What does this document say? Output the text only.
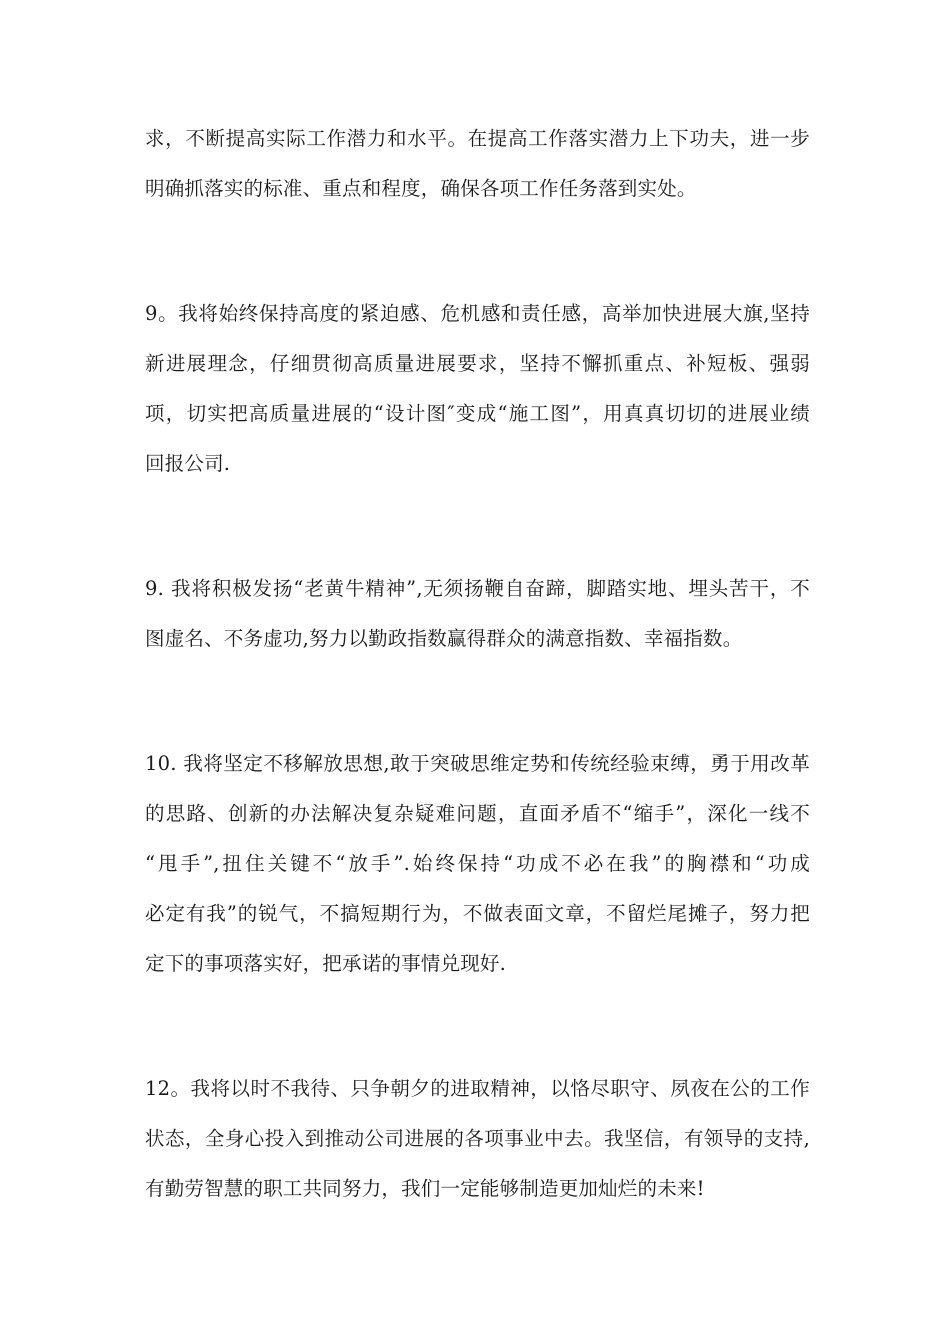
求，不断提高实际工作潜力和水平。在提高工作落实潜力上下功夫，进一步
明确抓落实的标准、重点和程度，确保各项工作任务落到实处。
9。我将始终保持高度的紧迫感、危机感和责任感，高举加快进展大旗,坚持
新进展理念，仔细贯彻高质量进展要求，坚持不懈抓重点、补短板、强弱
项，切实把高质量进展的“设计图″变成“施工图”，用真真切切的进展业绩
回报公司.
9. 我将积极发扬“老黄牛精神”,无须扬鞭自奋蹄，脚踏实地、埋头苦干，不
图虚名、不务虚功,努力以勤政指数赢得群众的满意指数、幸福指数。
10. 我将坚定不移解放思想,敢于突破思维定势和传统经验束缚，勇于用改革
的思路、创新的办法解决复杂疑难问题，直面矛盾不“缩手”，深化一线不
“甩手”,扭住关键不“放手”.始终保持“功成不必在我”的胸襟和“功成
必定有我”的锐气，不搞短期行为，不做表面文章，不留烂尾摊子，努力把
定下的事项落实好，把承诺的事情兑现好.
12。我将以时不我待、只争朝夕的进取精神，以恪尽职守、夙夜在公的工作
状态，全身心投入到推动公司进展的各项事业中去。我坚信，有领导的支持,
有勤劳智慧的职工共同努力，我们一定能够制造更加灿烂的未来!
